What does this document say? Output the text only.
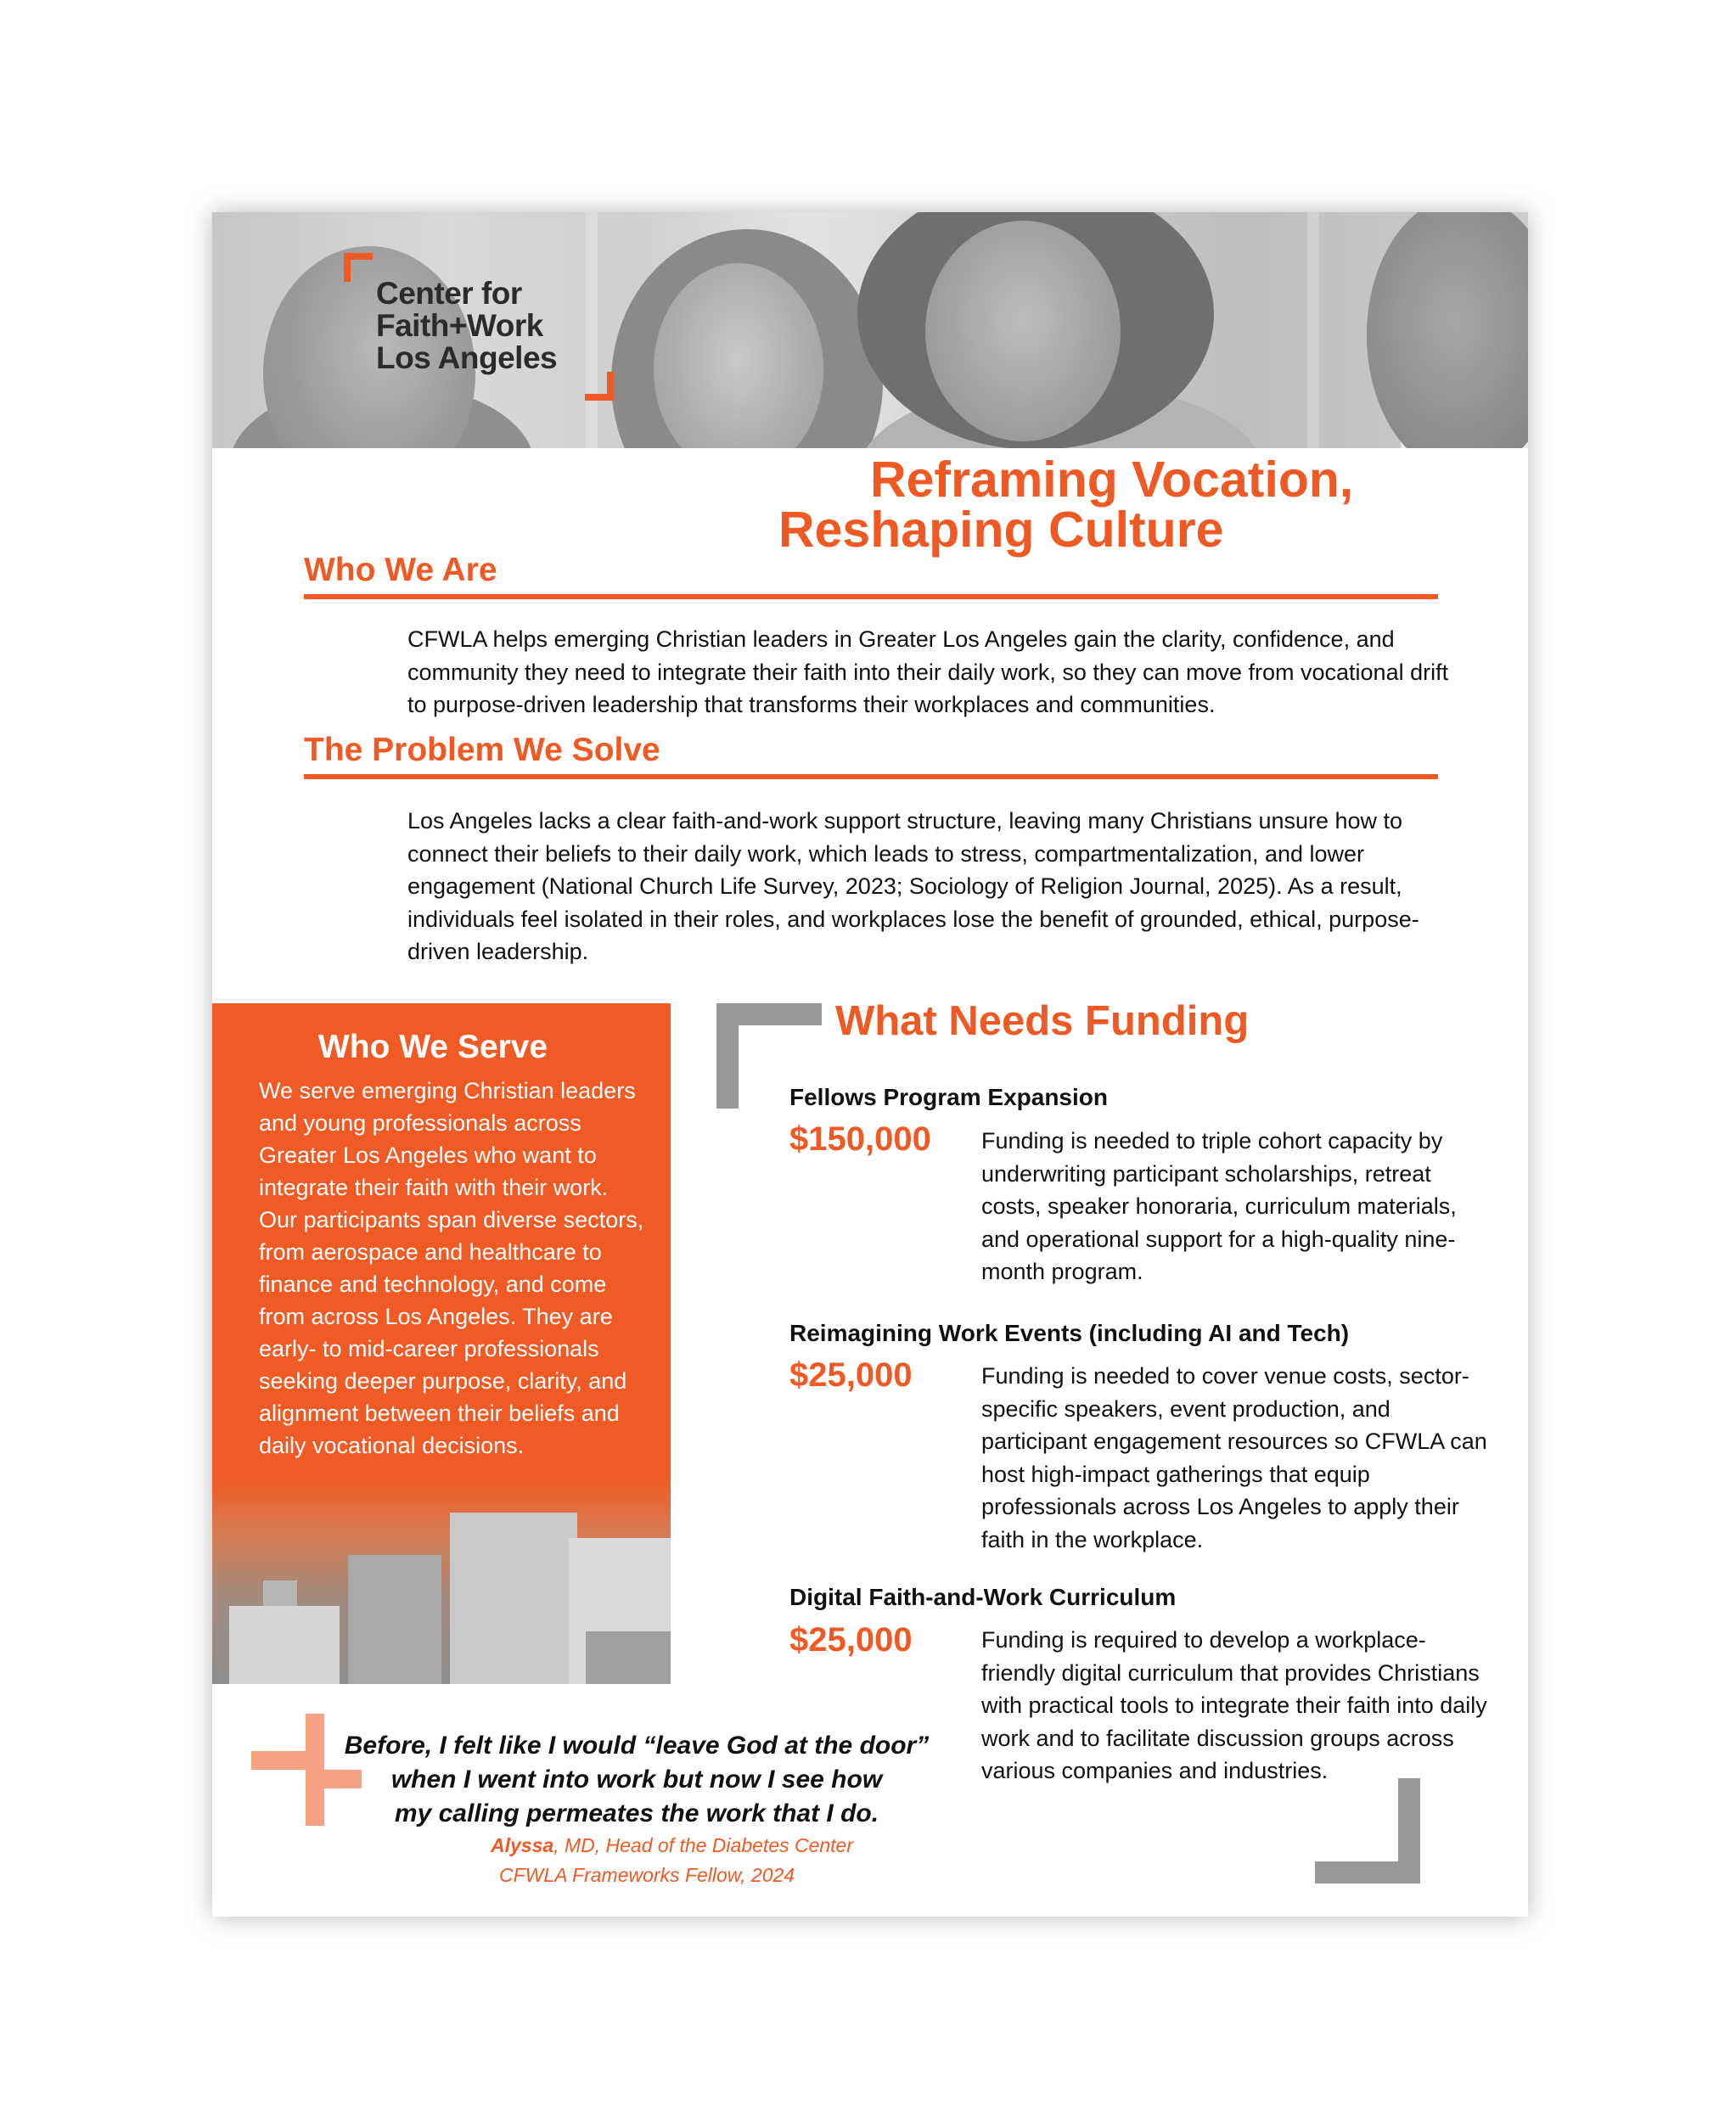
Center for
Faith+Work
Los Angeles
Reframing Vocation,
Reshaping Culture
Who We Are
CFWLA helps emerging Christian leaders in Greater Los Angeles gain the clarity, confidence, and community they need to integrate their faith into their daily work, so they can move from vocational drift to purpose-driven leadership that transforms their workplaces and communities.
The Problem We Solve
Los Angeles lacks a clear faith-and-work support structure, leaving many Christians unsure how to connect their beliefs to their daily work, which leads to stress, compartmentalization, and lower engagement (National Church Life Survey, 2023; Sociology of Religion Journal, 2025). As a result, individuals feel isolated in their roles, and workplaces lose the benefit of grounded, ethical, purpose-driven leadership.
Who We Serve
We serve emerging Christian leaders and young professionals across Greater Los Angeles who want to integrate their faith with their work. Our participants span diverse sectors, from aerospace and healthcare to finance and technology, and come from across Los Angeles. They are early- to mid-career professionals seeking deeper purpose, clarity, and alignment between their beliefs and daily vocational decisions.
What Needs Funding
Fellows Program Expansion
$150,000 Funding is needed to triple cohort capacity by underwriting participant scholarships, retreat costs, speaker honoraria, curriculum materials, and operational support for a high-quality nine-month program.
Reimagining Work Events (including AI and Tech)
$25,000	Funding is needed to cover venue costs, sector-specific speakers, event production, and participant engagement resources so CFWLA can host high-impact gatherings that equip professionals across Los Angeles to apply their faith in the workplace.
Digital Faith-and-Work Curriculum
$25,000	Funding is required to develop a workplace-friendly digital curriculum that provides Christians with practical tools to integrate their faith into daily work and to facilitate discussion groups across various companies and industries.
Before, I felt like I would “leave God at the door”
when I went into work but now I see how
my calling permeates the work that I do.
Alyssa, MD, Head of the Diabetes Center
CFWLA Frameworks Fellow, 2024
